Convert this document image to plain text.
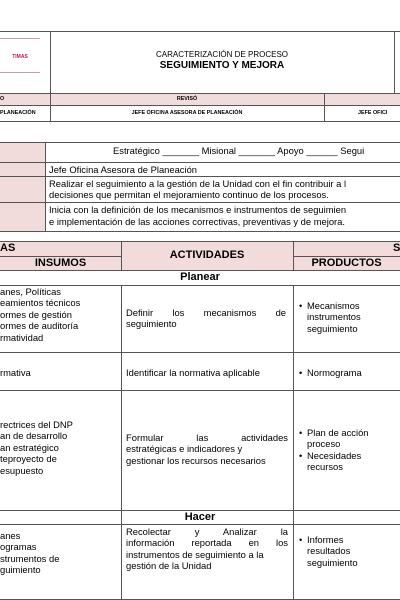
TIMAS	CARACTERIZACIÓN DE PROCESO
SEGUIMIENTO Y MEJORA
O	REVISÓ
PLANEACIÓN	JEFE OFICINA ASESORA DE PLANEACIÓN	JEFE OFICI
Estratégico _______ Misional _______ Apoyo ______ Segui
Jefe Oficina Asesora de Planeación
Realizar el seguimiento a la gestión de la Unidad con el fin contribuir a l
decisiones que permitan el mejoramiento continuo de los procesos.
Inicia con la definición de los mecanismos e instrumentos de seguimien
e implementación de las acciones correctivas, preventivas y de mejora.
AS	S
INSUMOS
ACTIVIDADES
PRODUCTOS
Planear
anes, Políticas
eamientos técnicos
ormes de gestión
ormes de auditoría
rmatividad
Definir los mecanismos de
seguimiento
• Mecanismos
instrumentos
seguimiento
rmativa	Identificar la normativa aplicable
•	Normograma
rectrices del DNP
an de desarrollo
an estratégico
teproyecto de
esupuesto
Formular las actividades
estratégicas e indicadores y
gestionar los recursos necesarios
• Plan de acción
proceso
• Necesidades
recursos
Hacer
anes
ogramas
strumentos de
guimiento
Recolectar y Analizar la
información reportada en los
instrumentos de seguimiento a la
gestión de la Unidad
• Informes
resultados
seguimiento
